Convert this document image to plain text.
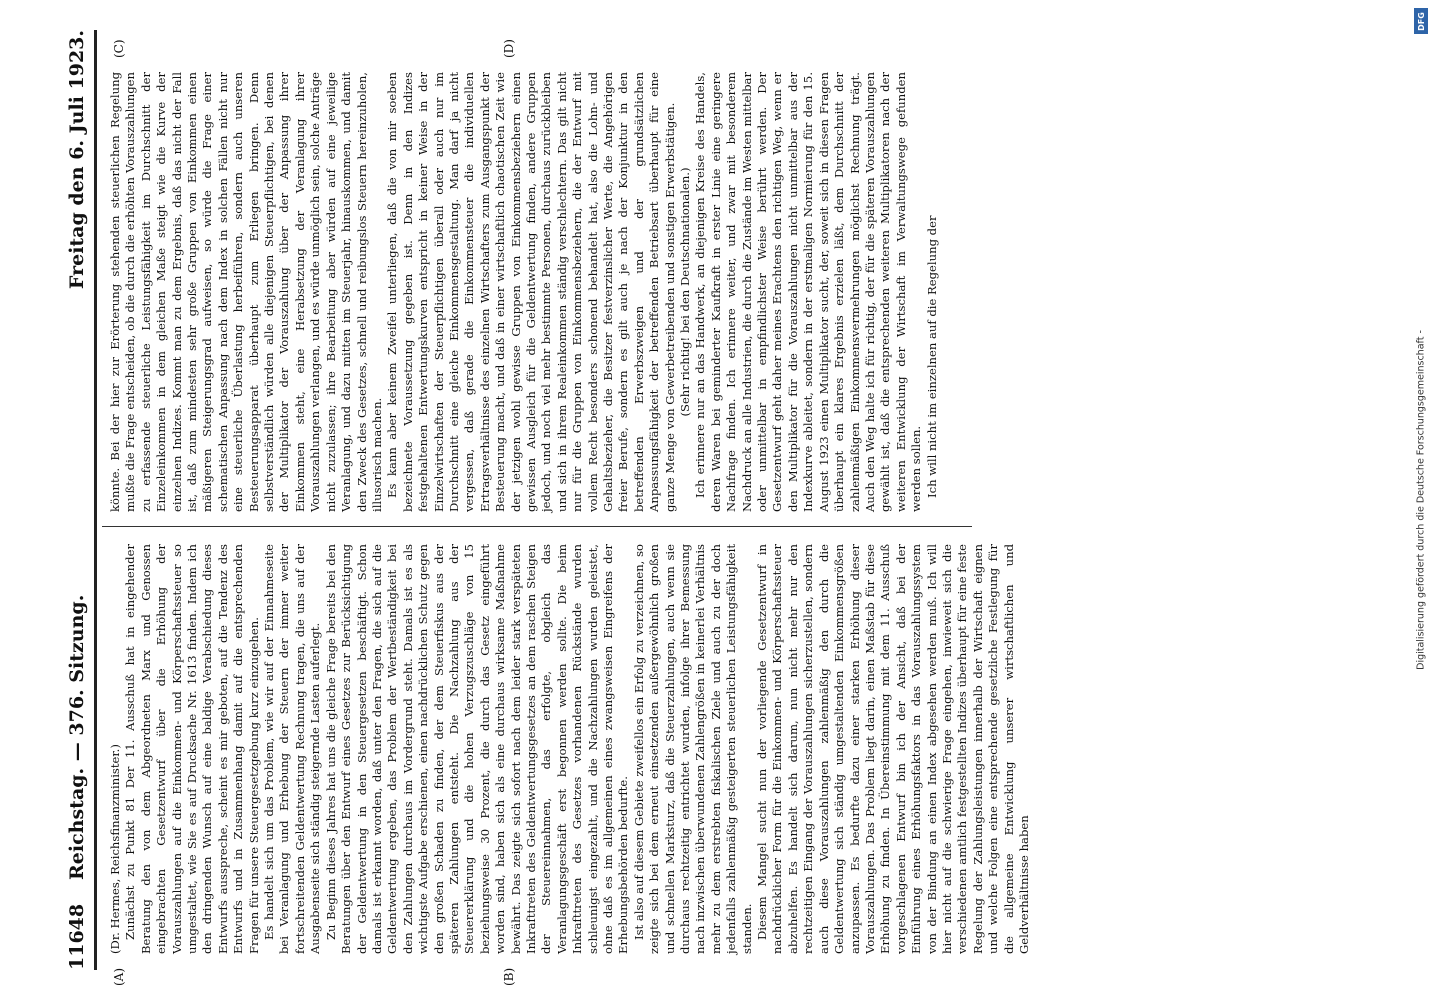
11648
Reichstag. — 376. Sitzung.
Freitag den 6. Juli 1923.
(A)	(B)
(C)	(D)

(Dr. Hermes, Reichsfinanzminister.) Zunächst zu Punkt 81 Der 11. Ausschuß hat in eingehender Beratung den von dem Abgeordneten Marx und Genossen eingebrachten Gesetzentwurf über die Erhöhung der Vorauszahlungen auf die Einkommen- und Körperschaftssteuer so umgestaltet, wie Sie es auf Drucksache Nr. 1613 finden. Indem ich den dringenden Wunsch auf eine baldige Verabschiedung dieses Entwurfs ausspreche, scheint es mir geboten, auf die Tendenz des Entwurfs und in Zusammenhang damit auf die entsprechenden Fragen für unsere Steuergesetzgebung kurz einzugehen. Es handelt sich um das Problem, wie wir auf der Einnahmeseite bei Veranlagung und Erhebung der Steuern der immer weiter fortschreitenden Geldentwertung Rechnung tragen, die uns auf der Ausgabenseite sich ständig steigernde Lasten auferlegt. Zu Beginn dieses Jahres hat uns die gleiche Frage bereits bei den Beratungen über den Entwurf eines Gesetzes zur Berücksichtigung der Geldentwertung in den Steuergesetzen beschäftigt. Schon damals ist erkannt worden, daß unter den Fragen, die sich auf die Geldentwertung ergeben, das Problem der Wertbeständigkeit bei den Zahlungen durchaus im Vordergrund steht. Damals ist es als wichtigste Aufgabe erschienen, einen nachdrücklichen Schutz gegen den großen Schaden zu finden, der dem Steuerfiskus aus der späteren Zahlungen entsteht. Die Nachzahlung aus der Steuererklärung und die hohen Verzugszuschläge von 15 beziehungsweise 30 Prozent, die durch das Gesetz eingeführt worden sind, haben sich als eine durchaus wirksame Maßnahme bewährt. Das zeigte sich sofort nach dem leider stark verspäteten Inkrafttreten des Geldentwertungsgesetzes an dem raschen Steigen der Steuereinnahmen, das erfolgte, obgleich das Veranlagungsgeschäft erst begonnen werden sollte. Die beim Inkrafttreten des Gesetzes vorhandenen Rückstände wurden schleunigst eingezahlt, und die Nachzahlungen wurden geleistet, ohne daß es im allgemeinen eines zwangsweisen Eingreifens der Erhebungsbehörden bedurfte. Ist also auf diesem Gebiete zweifellos ein Erfolg zu verzeichnen, so zeigte sich bei dem erneut einsetzenden außergewöhnlich großen und schnellen Marksturz, daß die Steuerzahlungen, auch wenn sie durchaus rechtzeitig entrichtet wurden, infolge ihrer Bemessung nach inzwischen überwundenen Zahlengrößen in keinerlei Verhältnis mehr zu dem erstrebten fiskalischen Ziele und auch zu der doch jedenfalls zahlenmäßig gesteigerten steuerlichen Leistungsfähigkeit standen. Diesem Mangel sucht nun der vorliegende Gesetzentwurf in nachdrücklicher Form für die Einkommen- und Körperschaftssteuer abzuhelfen. Es handelt sich darum, nun nicht mehr nur den rechtzeitigen Eingang der Vorauszahlungen sicherzustellen, sondern auch diese Vorauszahlungen zahlenmäßig den durch die Geldentwertung sich ständig umgestaltenden Einkommensgrößen anzupassen. Es bedurfte dazu einer starken Erhöhung dieser Vorauszahlungen. Das Problem liegt darin, einen Maßstab für diese Erhöhung zu finden. In Übereinstimmung mit dem 11. Ausschuß vorgeschlagenen Entwurf bin ich der Ansicht, daß bei der Einführung eines Erhöhungsfaktors in das Vorauszahlungssystem von der Bindung an einen Index abgesehen werden muß. Ich will hier nicht auf die schwierige Frage eingehen, inwieweit sich die verschiedenen amtlich festgestellten Indizes überhaupt für eine feste Regelung der Zahlungsleistungen innerhalb der Wirtschaft eignen und welche Folgen eine entsprechende gesetzliche Festlegung für die allgemeine Entwicklung unserer wirtschaftlichen und Geldverhältnisse haben

könnte. Bei der hier zur Erörterung stehenden steuerlichen Regelung mußte die Frage entscheiden, ob die durch die erhöhten Vorauszahlungen zu erfassende steuerliche Leistungsfähigkeit im Durchschnitt der Einzeleinkommen in dem gleichen Maße steigt wie die Kurve der einzelnen Indizes. Kommt man zu dem Ergebnis, daß das nicht der Fall ist, daß zum mindesten sehr große Gruppen von Einkommen einen mäßigeren Steigerungsgrad aufweisen, so würde die Frage einer schematischen Anpassung nach dem Index in solchen Fällen nicht nur eine steuerliche Überlastung herbeiführen, sondern auch unseren Besteuerungsapparat überhaupt zum Erliegen bringen. Denn selbstverständlich würden alle diejenigen Steuerpflichtigen, bei denen der Multiplikator der Vorauszahlung über der Anpassung ihrer Einkommen steht, eine Herabsetzung der Veranlagung ihrer Vorauszahlungen verlangen, und es würde unmöglich sein, solche Anträge nicht zuzulassen; ihre Bearbeitung aber würden auf eine jeweilige Veranlagung, und dazu mitten im Steuerjahr, hinauskommen, und damit den Zweck des Gesetzes, schnell und reibungslos Steuern hereinzuholen, illusorisch machen. Es kann aber keinem Zweifel unterliegen, daß die von mir soeben bezeichnete Voraussetzung gegeben ist. Denn in den Indizes festgehaltenen Entwertungskurven entspricht in keiner Weise in der Einzelwirtschaften der Steuerpflichtigen überall oder auch nur im Durchschnitt eine gleiche Einkommensgestaltung. Man darf ja nicht vergessen, daß gerade die Einkommensteuer die individuellen Ertragsverhältnisse des einzelnen Wirtschafters zum Ausgangspunkt der Besteuerung macht, und daß in einer wirtschaftlich chaotischen Zeit wie der jetzigen wohl gewisse Gruppen von Einkommensbeziehern einen gewissen Ausgleich für die Geldentwertung finden, andere Gruppen jedoch, und noch viel mehr bestimmte Personen, durchaus zurückbleiben und sich in ihrem Realeinkommen ständig verschlechtern. Das gilt nicht nur für die Gruppen von Einkommensbeziehern, die der Entwurf mit vollem Recht besonders schonend behandelt hat, also die Lohn- und Gehaltsbezieher, die Besitzer festverzinslicher Werte, die Angehörigen freier Berufe, sondern es gilt auch je nach der Konjunktur in den betreffenden Erwerbszweigen und der grundsätzlichen Anpassungsfähigkeit der betreffenden Betriebsart überhaupt für eine ganze Menge von Gewerbetreibenden und sonstigen Erwerbstätigen. (Sehr richtig! bei den Deutschnationalen.) Ich erinnere nur an das Handwerk, an diejenigen Kreise des Handels, deren Waren bei geminderter Kaufkraft in erster Linie eine geringere Nachfrage finden. Ich erinnere weiter, und zwar mit besonderem Nachdruck an alle Industrien, die durch die Zustände im Westen mittelbar oder unmittelbar in empfindlichster Weise berührt werden. Der Gesetzentwurf geht daher meines Erachtens den richtigen Weg, wenn er den Multiplikator für die Vorauszahlungen nicht unmittelbar aus der Indexkurve ableitet, sondern in der erstmaligen Normierung für den 15. August 1923 einen Multiplikator sucht, der, soweit sich in diesen Fragen überhaupt ein klares Ergebnis erzielen läßt, dem Durchschnitt der zahlenmäßigen Einkommensvermehrungen möglichst Rechnung trägt. Auch den Weg halte ich für richtig, der für die späteren Vorauszahlungen gewählt ist, daß die entsprechenden weiteren Multiplikatoren nach der weiteren Entwicklung der Wirtschaft im Verwaltungswege gefunden werden sollen. Ich will nicht im einzelnen auf die Regelung der	Digitalisierung gefördert durch die Deutsche Forschungsgemeinschaft -
DFG
